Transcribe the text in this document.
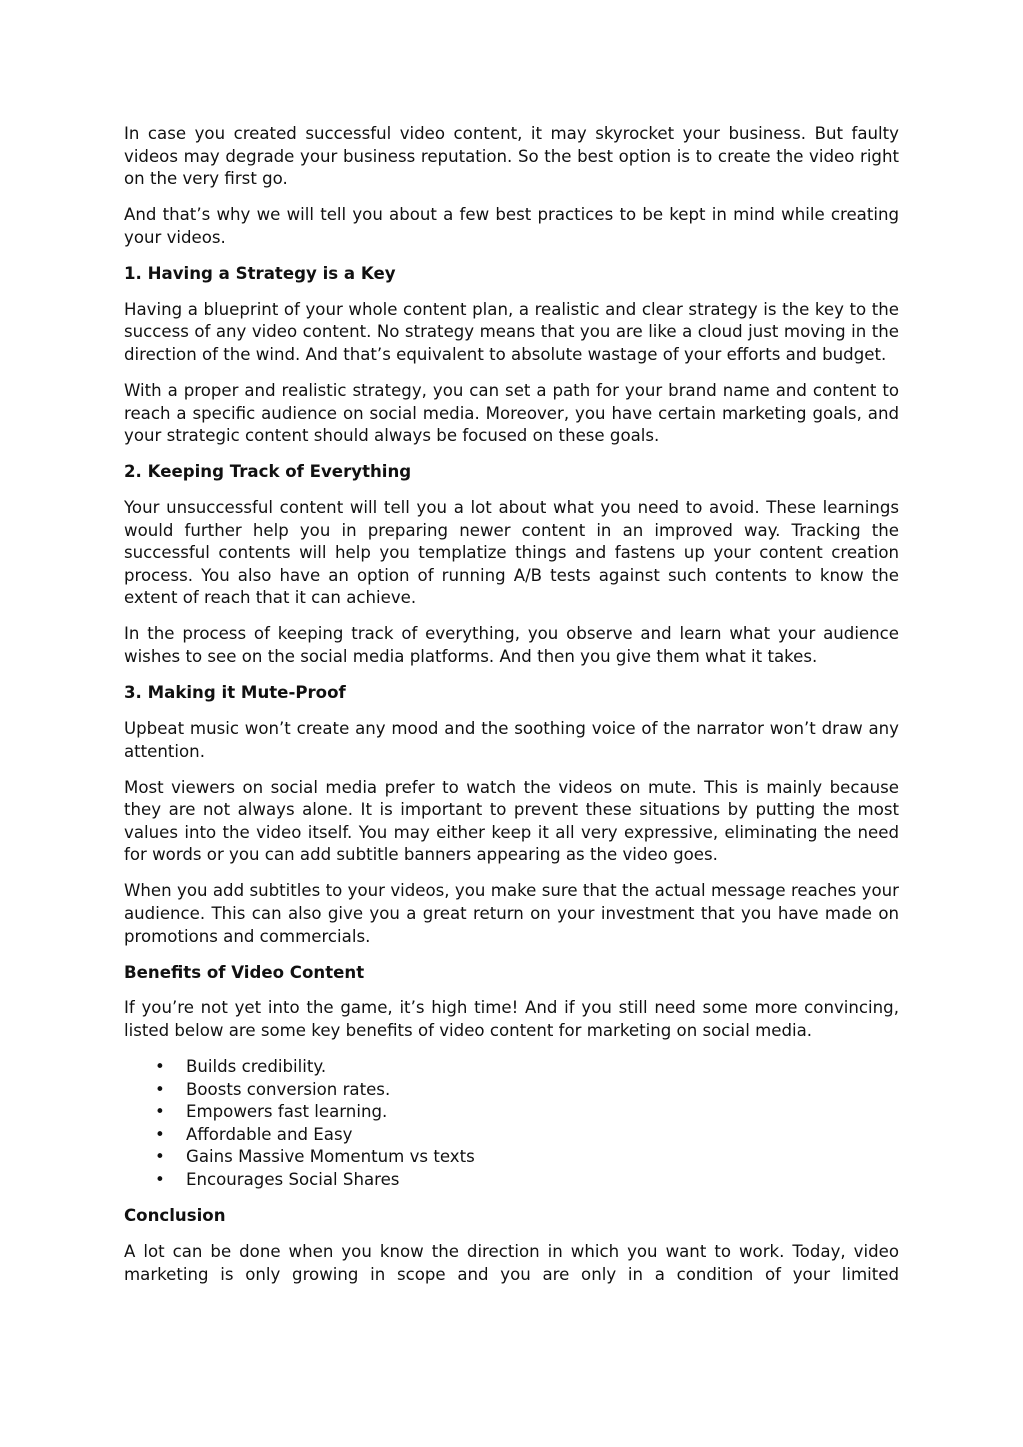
In case you created successful video content, it may skyrocket your business. But faulty videos may degrade your business reputation. So the best option is to create the video right on the very first go.

And that’s why we will tell you about a few best practices to be kept in mind while creating your videos.

1. Having a Strategy is a Key

Having a blueprint of your whole content plan, a realistic and clear strategy is the key to the success of any video content. No strategy means that you are like a cloud just moving in the direction of the wind. And that’s equivalent to absolute wastage of your efforts and budget.

With a proper and realistic strategy, you can set a path for your brand name and content to reach a specific audience on social media. Moreover, you have certain marketing goals, and your strategic content should always be focused on these goals.

2. Keeping Track of Everything

Your unsuccessful content will tell you a lot about what you need to avoid. These learnings would further help you in preparing newer content in an improved way. Tracking the successful contents will help you templatize things and fastens up your content creation process. You also have an option of running A/B tests against such contents to know the extent of reach that it can achieve.

In the process of keeping track of everything, you observe and learn what your audience wishes to see on the social media platforms. And then you give them what it takes.

3. Making it Mute-Proof

Upbeat music won’t create any mood and the soothing voice of the narrator won’t draw any attention.

Most viewers on social media prefer to watch the videos on mute. This is mainly because they are not always alone. It is important to prevent these situations by putting the most values into the video itself. You may either keep it all very expressive, eliminating the need for words or you can add subtitle banners appearing as the video goes.

When you add subtitles to your videos, you make sure that the actual message reaches your audience. This can also give you a great return on your investment that you have made on promotions and commercials.

Benefits of Video Content

If you’re not yet into the game, it’s high time! And if you still need some more convincing, listed below are some key benefits of video content for marketing on social media.

• Builds credibility.
• Boosts conversion rates.
• Empowers fast learning.
• Affordable and Easy
• Gains Massive Momentum vs texts
• Encourages Social Shares

Conclusion

A lot can be done when you know the direction in which you want to work. Today, video marketing is only growing in scope and you are only in a condition of your limited
